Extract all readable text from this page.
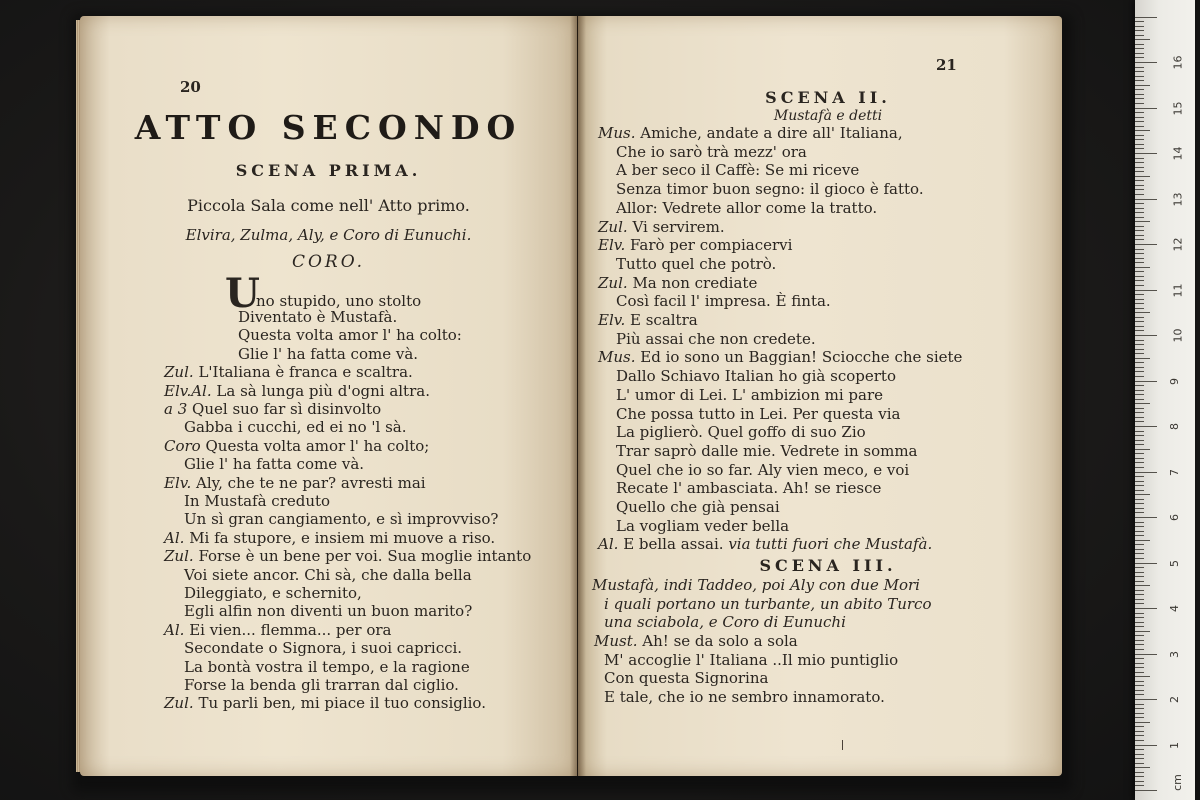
20
ATTO SECONDO
SCENA PRIMA.
Piccola Sala come nell' Atto primo.
Elvira, Zulma, Aly, e Coro di Eunuchi.
CORO.
U
no stupido, uno stolto
Diventato è Mustafà.
Questa volta amor l' ha colto:
Glie l' ha fatta come và.
Zul. L'Italiana è franca e scaltra.
Elv.Al. La sà lunga più d'ogni altra.
a 3 Quel suo far sì disinvolto
Gabba i cucchi, ed ei no 'l sà.
Coro Questa volta amor l' ha colto;
Glie l' ha fatta come và.
Elv. Aly, che te ne par? avresti mai
In Mustafà creduto
Un sì gran cangiamento, e sì improvviso?
Al. Mi fa stupore, e insiem mi muove a riso.
Zul. Forse è un bene per voi. Sua moglie intanto
Voi siete ancor. Chi sà, che dalla bella
Dileggiato, e schernito,
Egli alfin non diventi un buon marito?
Al. Ei vien... flemma... per ora
Secondate o Signora, i suoi capricci.
La bontà vostra il tempo, e la ragione
Forse la benda gli trarran dal ciglio.
Zul. Tu parli ben, mi piace il tuo consiglio.
21
SCENA II.
Mustafà e detti
Mus. Amiche, andate a dire all' Italiana,
Che io sarò trà mezz' ora
A ber seco il Caffè: Se mi riceve
Senza timor buon segno: il gioco è fatto.
Allor: Vedrete allor come la tratto.
Zul. Vi servirem.
Elv. Farò per compiacervi
Tutto quel che potrò.
Zul. Ma non crediate
Così facil l' impresa. È finta.
Elv. E scaltra
Più assai che non credete.
Mus. Ed io sono un Baggian! Sciocche che siete
Dallo Schiavo Italian ho già scoperto
L' umor di Lei. L' ambizion mi pare
Che possa tutto in Lei. Per questa via
La piglierò. Quel goffo di suo Zio
Trar saprò dalle mie. Vedrete in somma
Quel che io so far. Aly vien meco, e voi
Recate l' ambasciata. Ah! se riesce
Quello che già pensai
La vogliam veder bella
Al. E bella assai. via tutti fuori che Mustafà.
SCENA III.
Mustafà, indi Taddeo, poi Aly con due Mori
i quali portano un turbante, un abito Turco
una sciabola, e Coro di Eunuchi
Must. Ah! se da solo a sola
M' accoglie l' Italiana ..Il mio puntiglio
Con questa Signorina
E tale, che io ne sembro innamorato.
cm
1
2
3
4
5
6
7
8
9
10
11
12
13
14
15
16
